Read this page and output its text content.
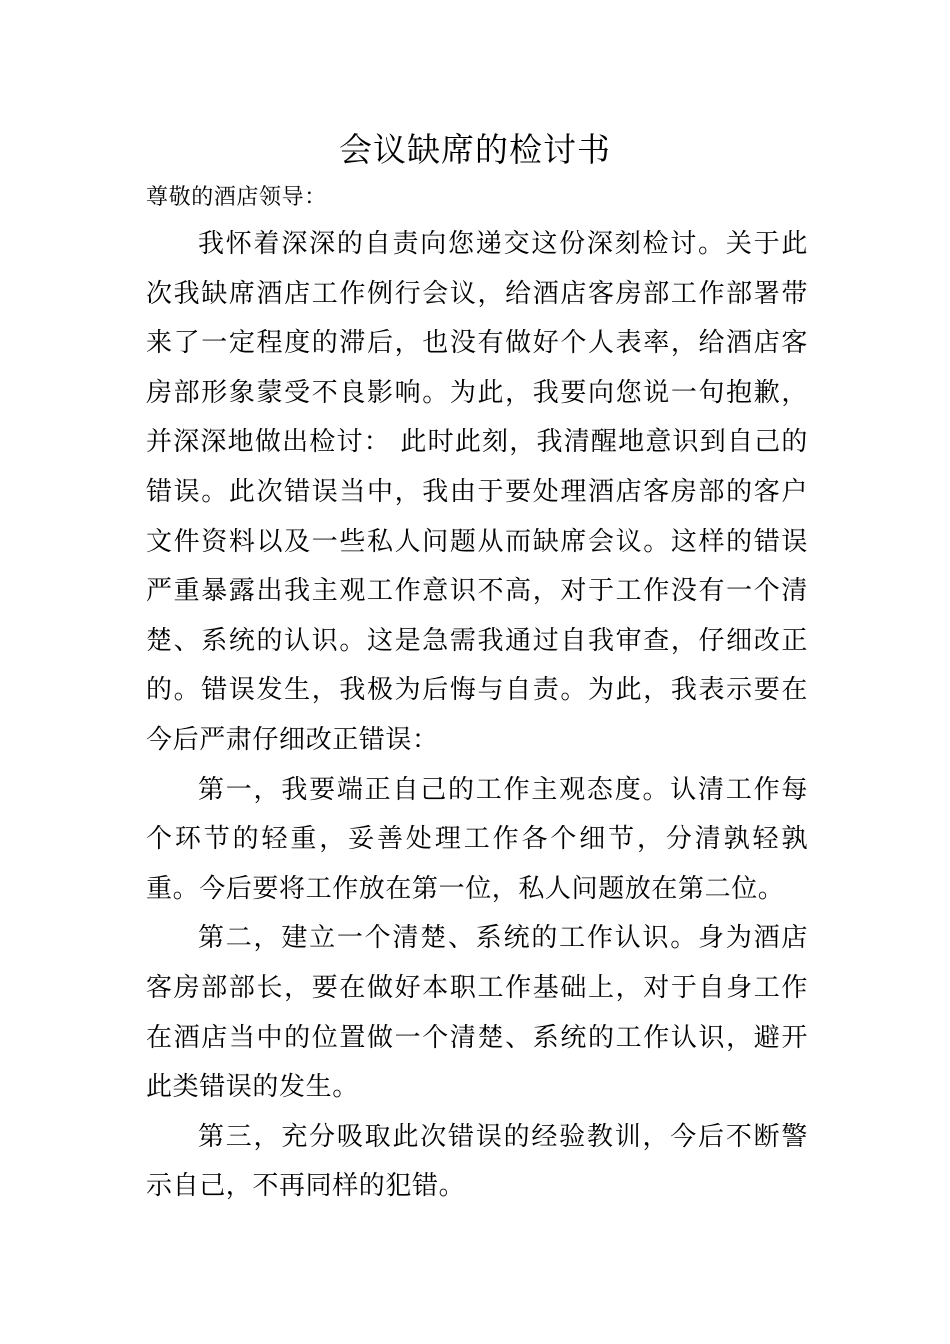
会议缺席的检讨书

尊敬的酒店领导：

我怀着深深的自责向您递交这份深刻检讨。关于此次我缺席酒店工作例行会议，给酒店客房部工作部署带来了一定程度的滞后，也没有做好个人表率，给酒店客房部形象蒙受不良影响。为此，我要向您说一句抱歉，并深深地做出检讨： 此时此刻，我清醒地意识到自己的错误。此次错误当中，我由于要处理酒店客房部的客户文件资料以及一些私人问题从而缺席会议。这样的错误严重暴露出我主观工作意识不高，对于工作没有一个清楚、系统的认识。这是急需我通过自我审查，仔细改正的。错误发生，我极为后悔与自责。为此，我表示要在今后严肃仔细改正错误：

第一，我要端正自己的工作主观态度。认清工作每个环节的轻重，妥善处理工作各个细节，分清孰轻孰重。今后要将工作放在第一位，私人问题放在第二位。

第二，建立一个清楚、系统的工作认识。身为酒店客房部部长，要在做好本职工作基础上，对于自身工作在酒店当中的位置做一个清楚、系统的工作认识，避开此类错误的发生。

第三，充分吸取此次错误的经验教训，今后不断警示自己，不再同样的犯错。
